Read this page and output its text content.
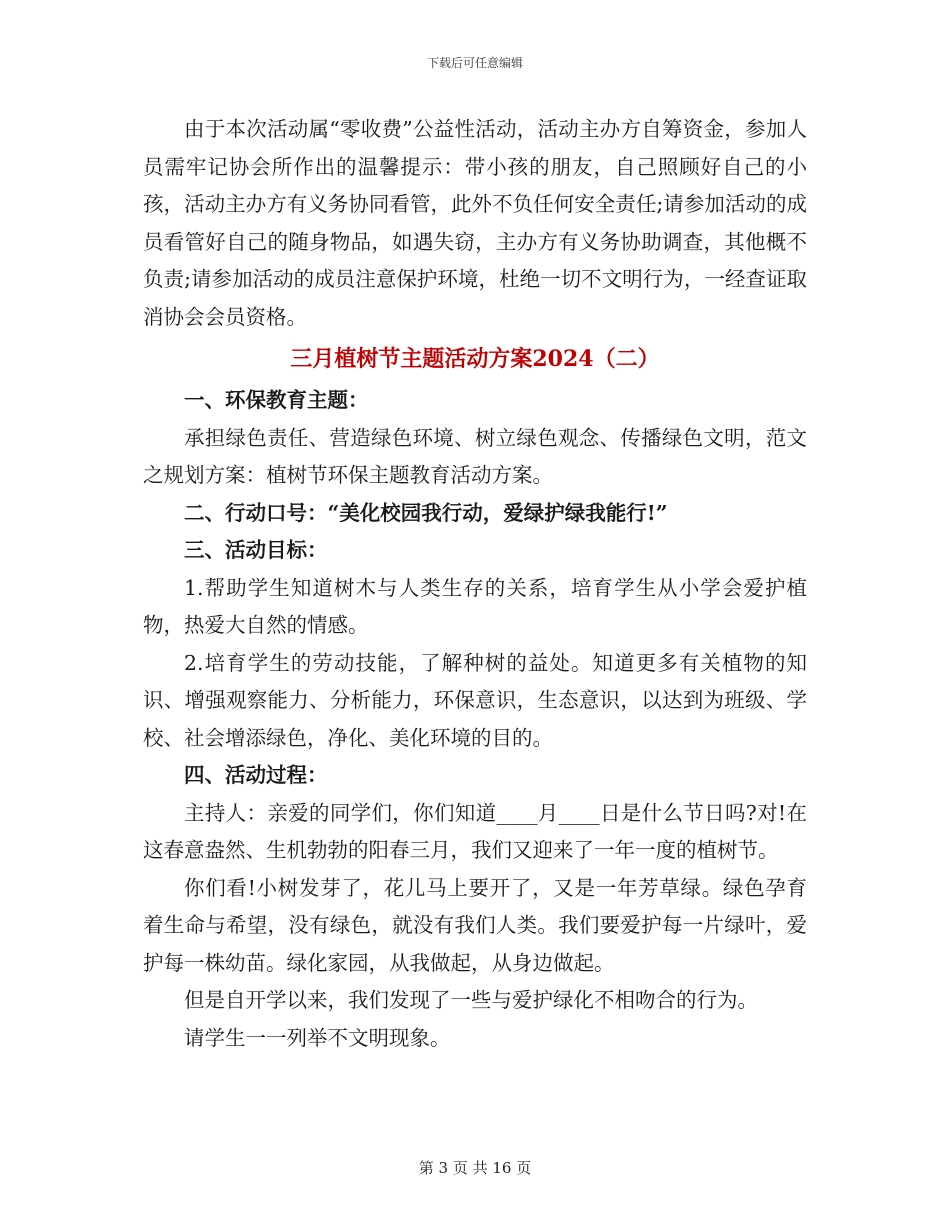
下载后可任意编辑

由于本次活动属“零收费”公益性活动，活动主办方自筹资金，参加人员需牢记协会所作出的温馨提示：带小孩的朋友，自己照顾好自己的小孩，活动主办方有义务协同看管，此外不负任何安全责任;请参加活动的成员看管好自己的随身物品，如遇失窃，主办方有义务协助调查，其他概不负责;请参加活动的成员注意保护环境，杜绝一切不文明行为，一经查证取消协会会员资格。

三月植树节主题活动方案2024（二）

一、环保教育主题：

承担绿色责任、营造绿色环境、树立绿色观念、传播绿色文明，范文之规划方案：植树节环保主题教育活动方案。

二、行动口号：“美化校园我行动，爱绿护绿我能行!”

三、活动目标：

1.帮助学生知道树木与人类生存的关系，培育学生从小学会爱护植物，热爱大自然的情感。

2.培育学生的劳动技能，了解种树的益处。知道更多有关植物的知识、增强观察能力、分析能力，环保意识，生态意识，以达到为班级、学校、社会增添绿色，净化、美化环境的目的。

四、活动过程：

主持人：亲爱的同学们，你们知道____月____日是什么节日吗?对!在这春意盎然、生机勃勃的阳春三月，我们又迎来了一年一度的植树节。

你们看!小树发芽了，花儿马上要开了，又是一年芳草绿。绿色孕育着生命与希望，没有绿色，就没有我们人类。我们要爱护每一片绿叶，爱护每一株幼苗。绿化家园，从我做起，从身边做起。

但是自开学以来，我们发现了一些与爱护绿化不相吻合的行为。

请学生一一列举不文明现象。

第 3 页 共 16 页
